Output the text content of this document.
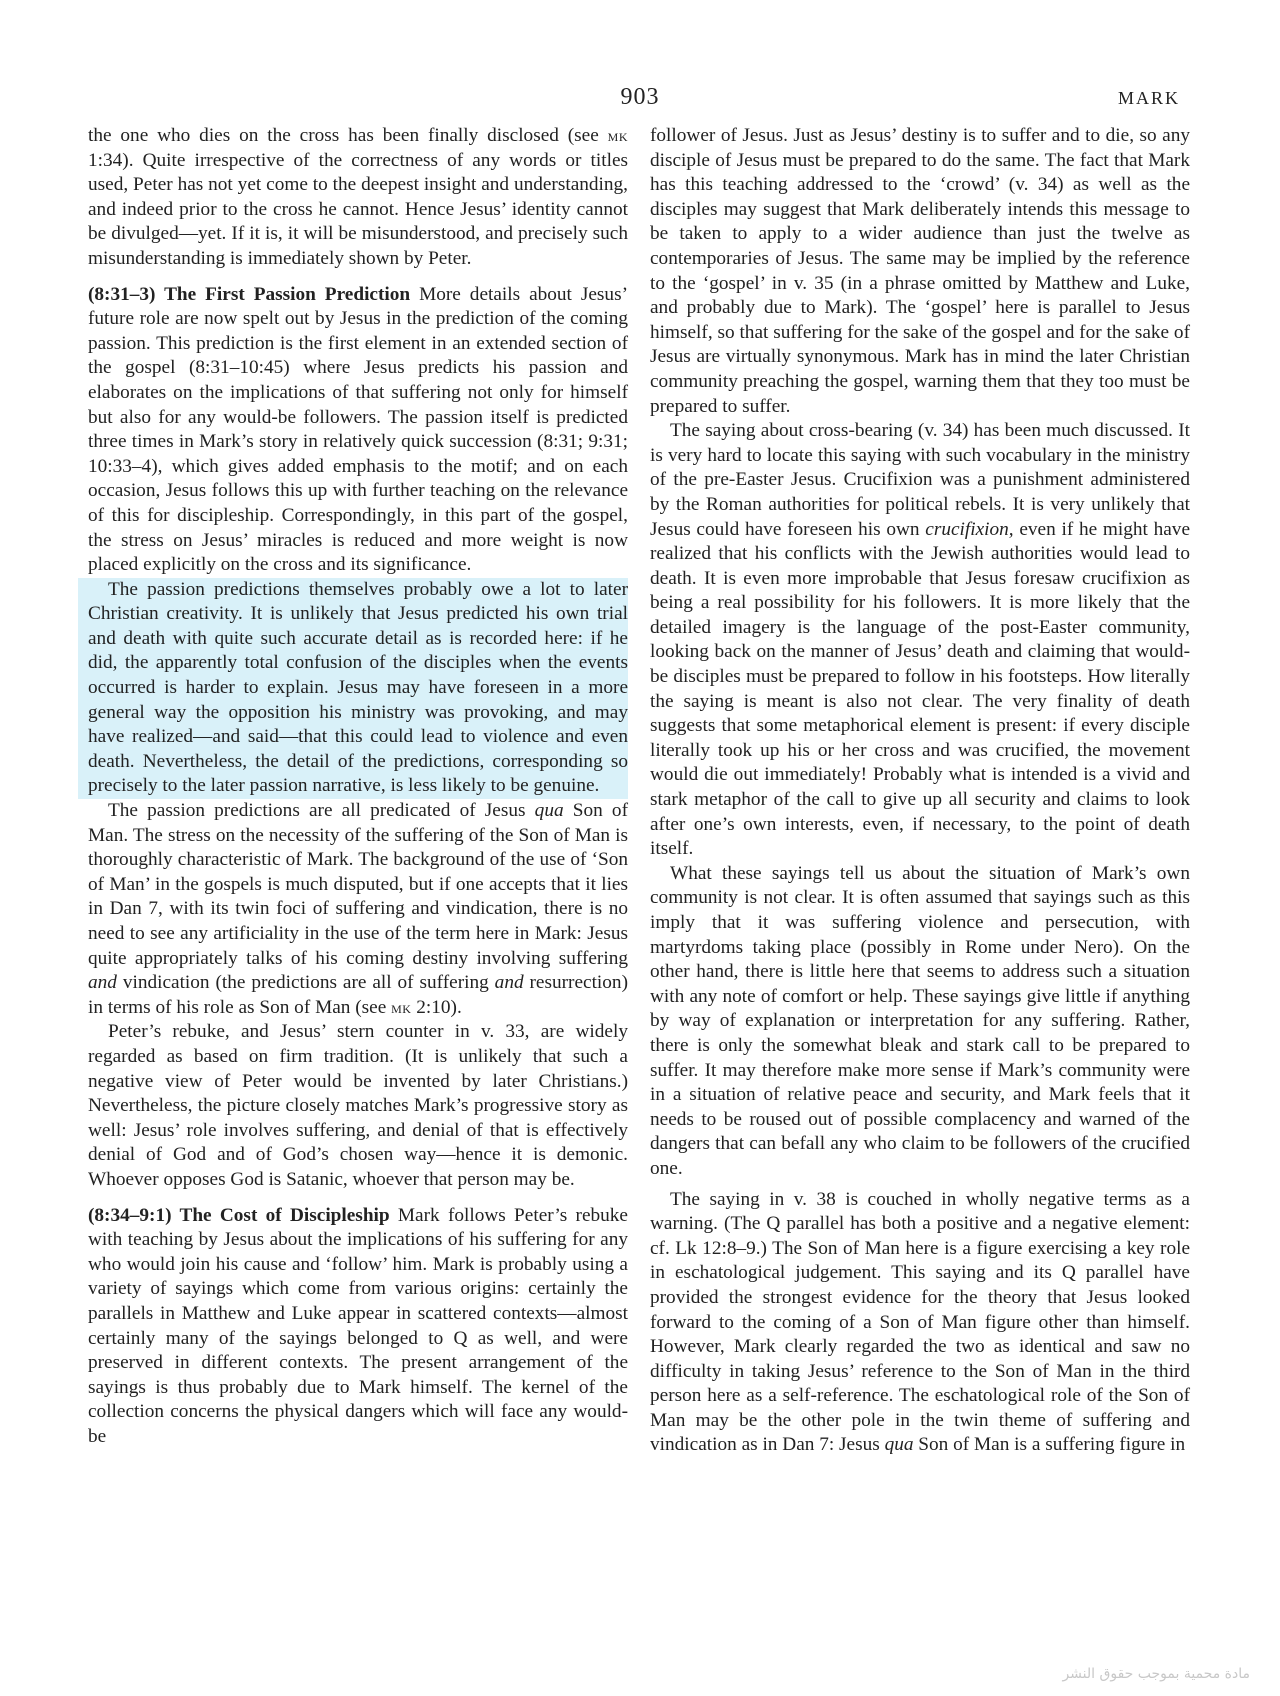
903	MARK

the one who dies on the cross has been finally disclosed (see mk 1:34). Quite irrespective of the correctness of any words or titles used, Peter has not yet come to the deepest insight and understanding, and indeed prior to the cross he cannot. Hence Jesus’ identity cannot be divulged—yet. If it is, it will be misunderstood, and precisely such misunderstanding is immediately shown by Peter.

(8:31–3) The First Passion Prediction More details about Jesus’ future role are now spelt out by Jesus in the prediction of the coming passion. This prediction is the first element in an extended section of the gospel (8:31–10:45) where Jesus predicts his passion and elaborates on the implications of that suffering not only for himself but also for any would-be followers. The passion itself is predicted three times in Mark’s story in relatively quick succession (8:31; 9:31; 10:33–4), which gives added emphasis to the motif; and on each occasion, Jesus follows this up with further teaching on the relevance of this for discipleship. Correspondingly, in this part of the gospel, the stress on Jesus’ miracles is reduced and more weight is now placed explicitly on the cross and its significance.

The passion predictions themselves probably owe a lot to later Christian creativity. It is unlikely that Jesus predicted his own trial and death with quite such accurate detail as is recorded here: if he did, the apparently total confusion of the disciples when the events occurred is harder to explain. Jesus may have foreseen in a more general way the opposition his ministry was provoking, and may have realized—and said—that this could lead to violence and even death. Nevertheless, the detail of the predictions, corresponding so precisely to the later passion narrative, is less likely to be genuine.

The passion predictions are all predicated of Jesus qua Son of Man. The stress on the necessity of the suffering of the Son of Man is thoroughly characteristic of Mark. The background of the use of ‘Son of Man’ in the gospels is much disputed, but if one accepts that it lies in Dan 7, with its twin foci of suffering and vindication, there is no need to see any artificiality in the use of the term here in Mark: Jesus quite appropriately talks of his coming destiny involving suffering and vindication (the predictions are all of suffering and resurrection) in terms of his role as Son of Man (see mk 2:10).

Peter’s rebuke, and Jesus’ stern counter in v. 33, are widely regarded as based on firm tradition. (It is unlikely that such a negative view of Peter would be invented by later Christians.) Nevertheless, the picture closely matches Mark’s progressive story as well: Jesus’ role involves suffering, and denial of that is effectively denial of God and of God’s chosen way—hence it is demonic. Whoever opposes God is Satanic, whoever that person may be.

(8:34–9:1) The Cost of Discipleship Mark follows Peter’s rebuke with teaching by Jesus about the implications of his suffering for any who would join his cause and ‘follow’ him. Mark is probably using a variety of sayings which come from various origins: certainly the parallels in Matthew and Luke appear in scattered contexts—almost certainly many of the sayings belonged to Q as well, and were preserved in different contexts. The present arrangement of the sayings is thus probably due to Mark himself. The kernel of the collection concerns the physical dangers which will face any would-be

follower of Jesus. Just as Jesus’ destiny is to suffer and to die, so any disciple of Jesus must be prepared to do the same. The fact that Mark has this teaching addressed to the ‘crowd’ (v. 34) as well as the disciples may suggest that Mark deliberately intends this message to be taken to apply to a wider audience than just the twelve as contemporaries of Jesus. The same may be implied by the reference to the ‘gospel’ in v. 35 (in a phrase omitted by Matthew and Luke, and probably due to Mark). The ‘gospel’ here is parallel to Jesus himself, so that suffering for the sake of the gospel and for the sake of Jesus are virtually synonymous. Mark has in mind the later Christian community preaching the gospel, warning them that they too must be prepared to suffer.

The saying about cross-bearing (v. 34) has been much discussed. It is very hard to locate this saying with such vocabulary in the ministry of the pre-Easter Jesus. Crucifixion was a punishment administered by the Roman authorities for political rebels. It is very unlikely that Jesus could have foreseen his own crucifixion, even if he might have realized that his conflicts with the Jewish authorities would lead to death. It is even more improbable that Jesus foresaw crucifixion as being a real possibility for his followers. It is more likely that the detailed imagery is the language of the post-Easter community, looking back on the manner of Jesus’ death and claiming that would-be disciples must be prepared to follow in his footsteps. How literally the saying is meant is also not clear. The very finality of death suggests that some metaphorical element is present: if every disciple literally took up his or her cross and was crucified, the movement would die out immediately! Probably what is intended is a vivid and stark metaphor of the call to give up all security and claims to look after one’s own interests, even, if necessary, to the point of death itself.

What these sayings tell us about the situation of Mark’s own community is not clear. It is often assumed that sayings such as this imply that it was suffering violence and persecution, with martyrdoms taking place (possibly in Rome under Nero). On the other hand, there is little here that seems to address such a situation with any note of comfort or help. These sayings give little if anything by way of explanation or interpretation for any suffering. Rather, there is only the somewhat bleak and stark call to be prepared to suffer. It may therefore make more sense if Mark’s community were in a situation of relative peace and security, and Mark feels that it needs to be roused out of possible complacency and warned of the dangers that can befall any who claim to be followers of the crucified one.

The saying in v. 38 is couched in wholly negative terms as a warning. (The Q parallel has both a positive and a negative element: cf. Lk 12:8–9.) The Son of Man here is a figure exercising a key role in eschatological judgement. This saying and its Q parallel have provided the strongest evidence for the theory that Jesus looked forward to the coming of a Son of Man figure other than himself. However, Mark clearly regarded the two as identical and saw no difficulty in taking Jesus’ reference to the Son of Man in the third person here as a self-reference. The eschatological role of the Son of Man may be the other pole in the twin theme of suffering and vindication as in Dan 7: Jesus qua Son of Man is a suffering figure in

مادة محمية بموجب حقوق النشر
